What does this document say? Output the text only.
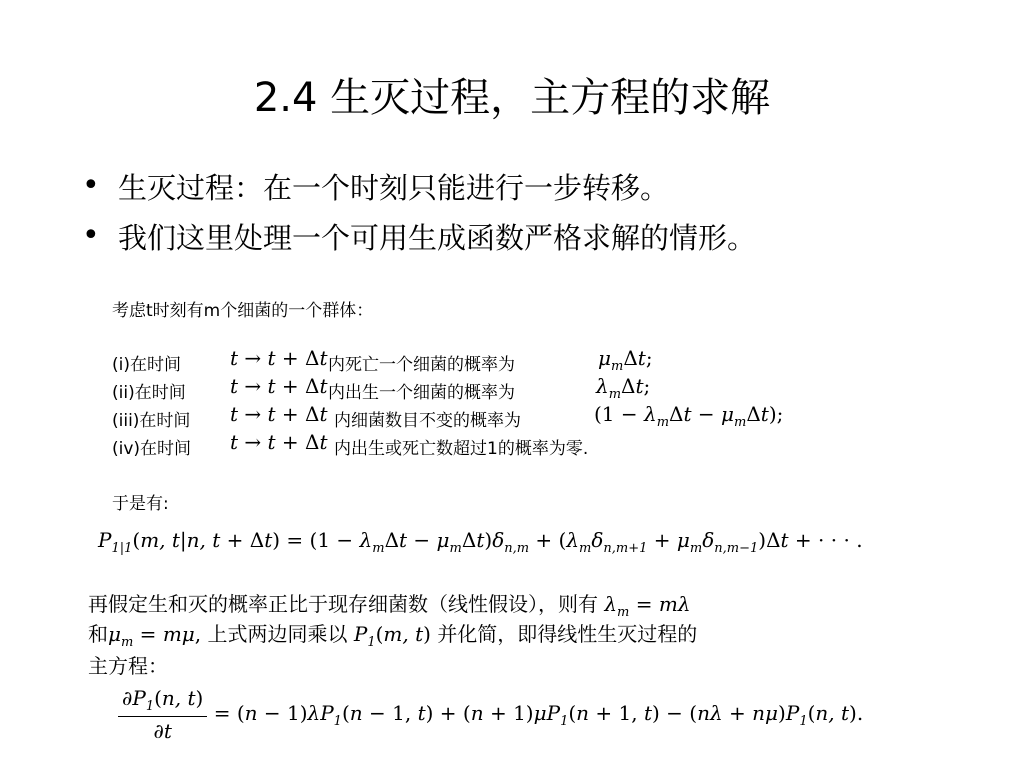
2.4 生灭过程，主方程的求解
• 生灭过程：在一个时刻只能进行一步转移。
• 我们这里处理一个可用生成函数严格求解的情形。
考虑t时刻有m个细菌的一个群体：
(i)在时间 t → t + Δt 内死亡一个细菌的概率为	$\mu_m\Delta t$;
(ii)在时间 t → t + Δt 内出生一个细菌的概率为	$\lambda_m\Delta t$;
(iii)在时间 t → t + Δt 内细菌数目不变的概率为	$(1 - \lambda_m\Delta t - \mu_m\Delta t)$;
(iv)在时间 t → t + Δt 内出生或死亡数超过1的概率为零.
于是有:
$P_{1|1}(m$, t|n, $t + \Delta t) = (1 - \lambda_m\Delta t - \mu_m\Delta t)\delta_{n,m} + (\lambda_m\delta_{n,m+1} + \mu_m\delta_{n,m-1})\Delta t$ + · · · .
再假定生和灭的概率正比于现存细菌数（线性假设），则有 $\lambda_m = m\lambda$
和$\mu_m = m\mu$, 上式两边同乘以 $P_1(m$, t) 并化简，即得线性生灭过程的
主方程：
$\frac{\partial P_1(n, t)}{\partial t} = (n - 1)\lambda P_1(n - 1$, $t) + (n + 1)\mu P_1(n + 1$, $t) - (n\lambda + n\mu)P_1(n$, t).
